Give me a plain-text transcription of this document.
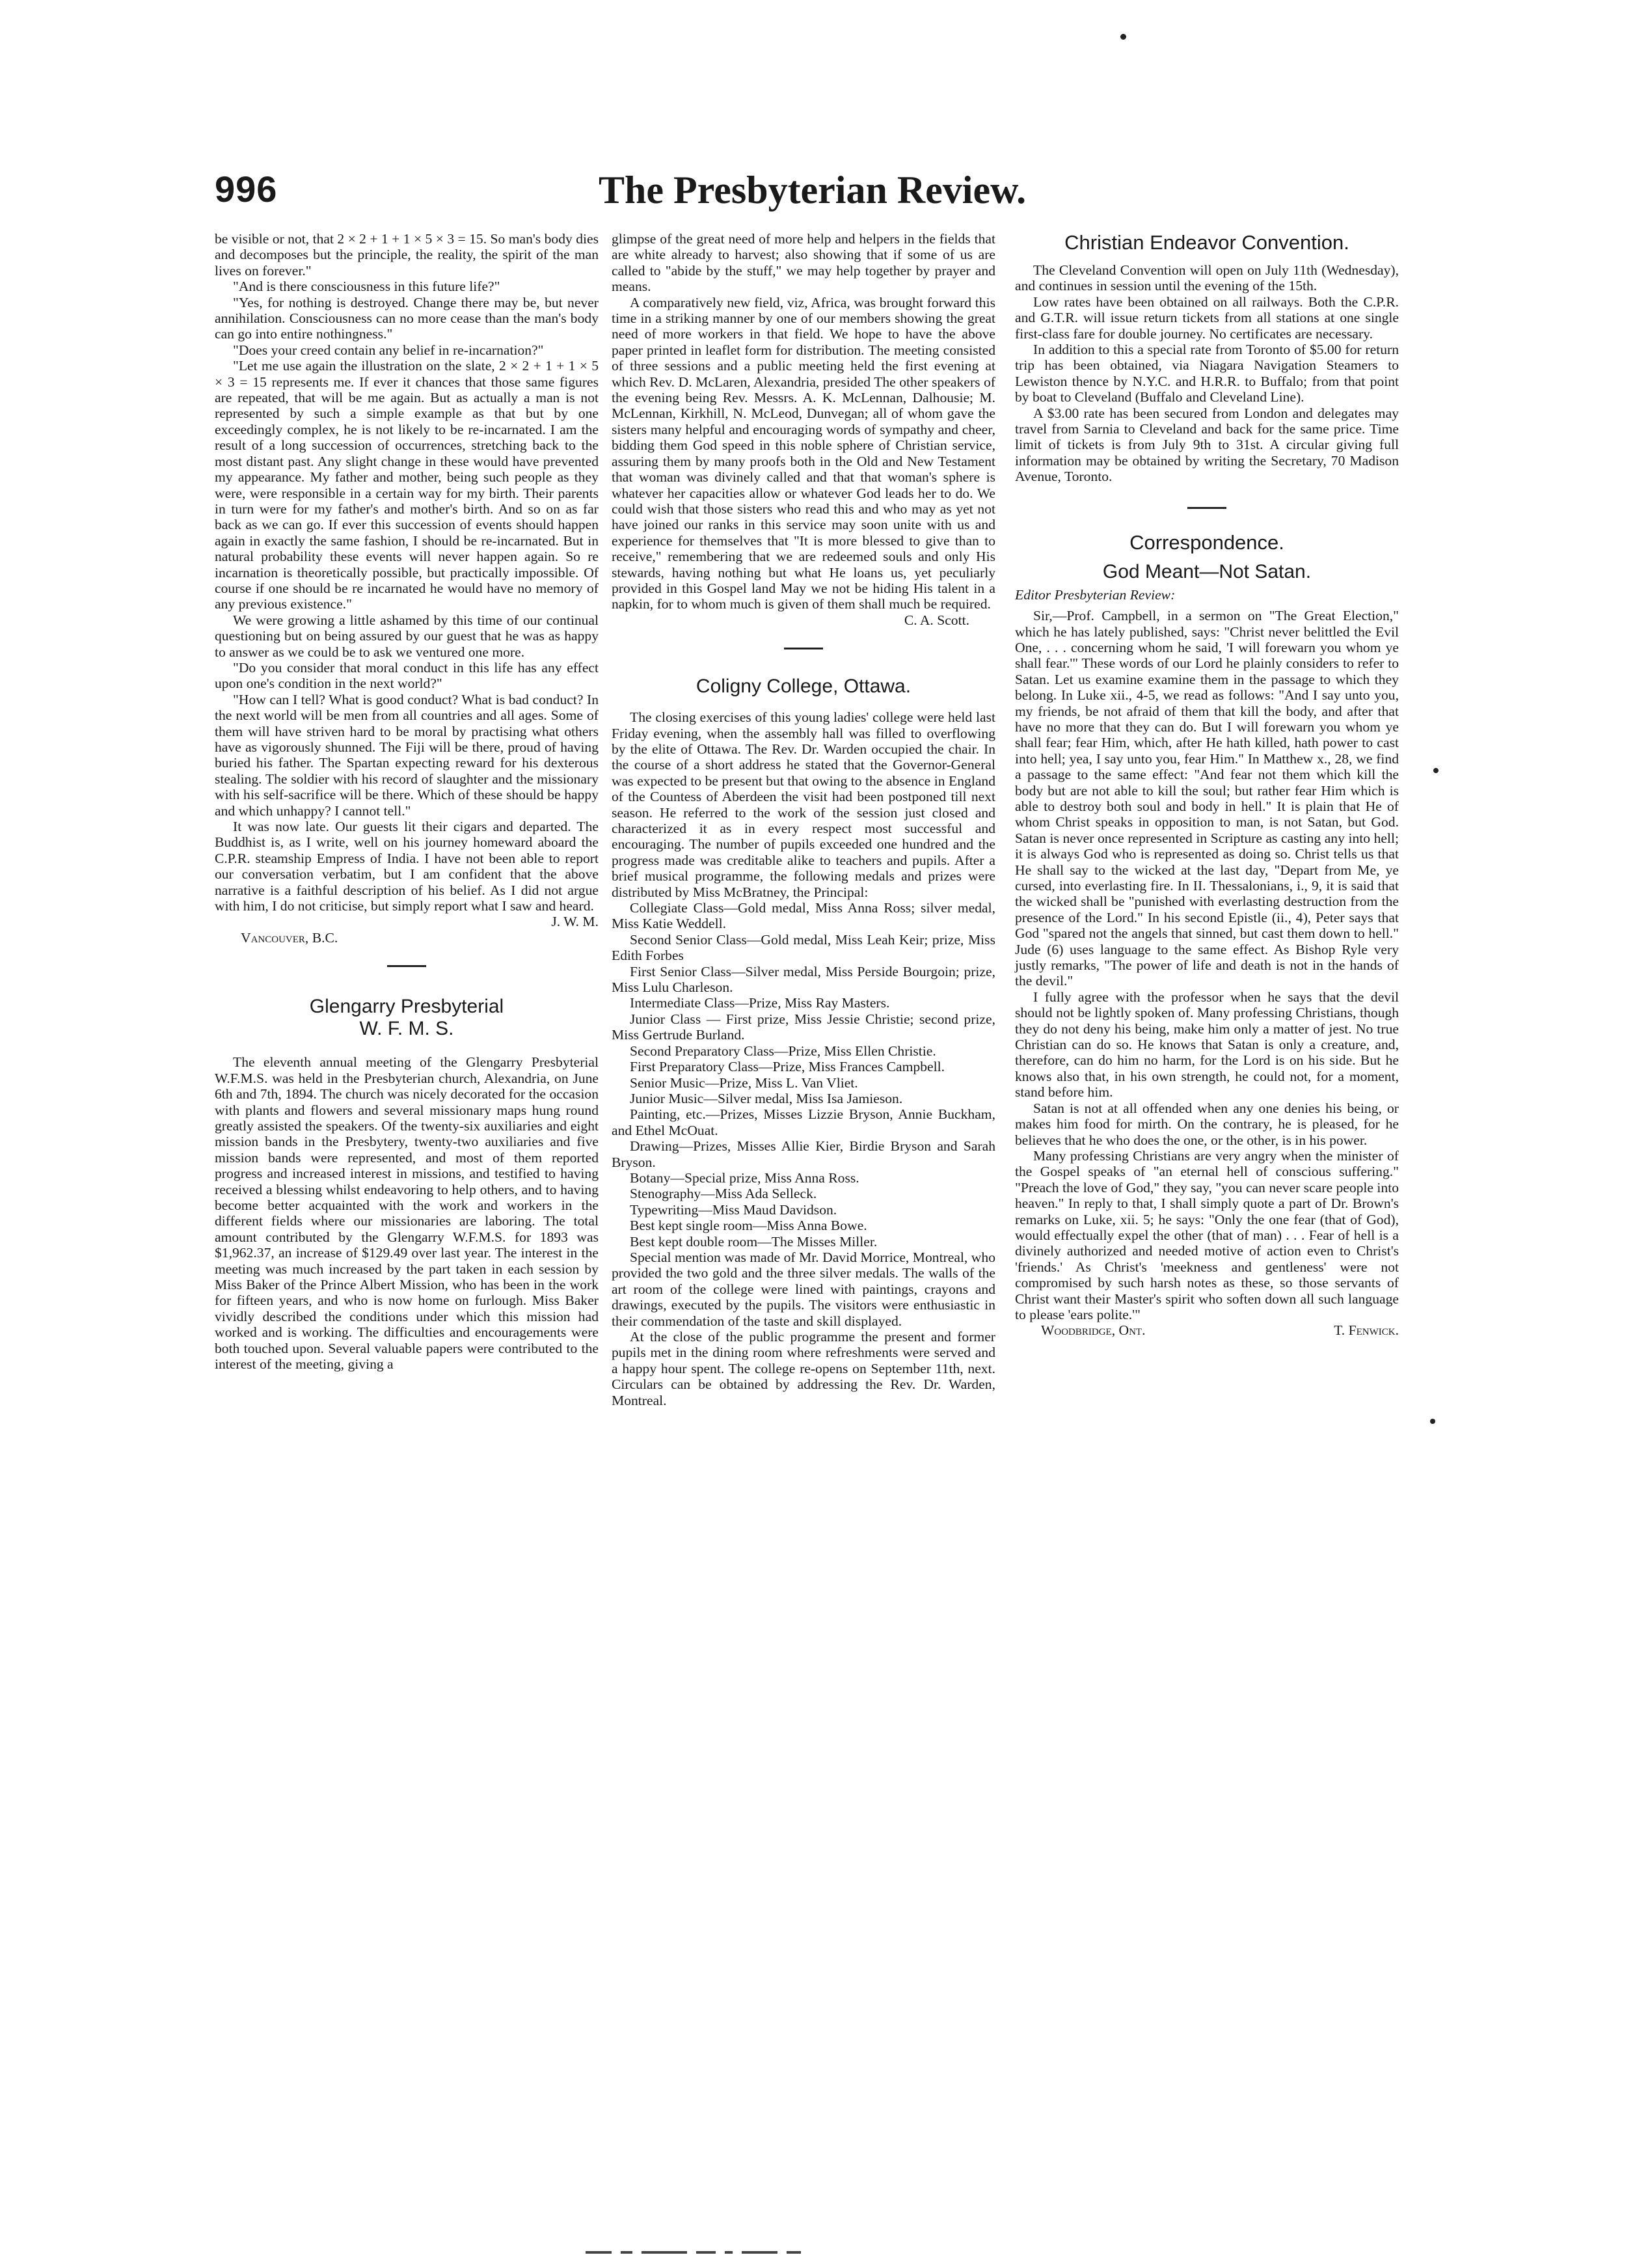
996	The Presbyterian Review.

be visible or not, that 2 × 2 + 1 + 1 × 5 × 3 = 15. So man's body dies and decomposes but the principle, the reality, the spirit of the man lives on forever."

"And is there consciousness in this future life?"

"Yes, for nothing is destroyed. Change there may be, but never annihilation. Consciousness can no more cease than the man's body can go into entire nothingness."

"Does your creed contain any belief in re-incarnation?"

"Let me use again the illustration on the slate, 2 × 2 + 1 + 1 × 5 × 3 = 15 represents me. If ever it chances that those same figures are repeated, that will be me again. But as actually a man is not represented by such a simple example as that but by one exceedingly complex, he is not likely to be re-incarnated. I am the result of a long succession of occurrences, stretching back to the most distant past. Any slight change in these would have prevented my appearance. My father and mother, being such people as they were, were responsible in a certain way for my birth. Their parents in turn were for my father's and mother's birth. And so on as far back as we can go. If ever this succession of events should happen again in exactly the same fashion, I should be re-incarnated. But in natural probability these events will never happen again. So re incarnation is theoretically possible, but practically impossible. Of course if one should be re incarnated he would have no memory of any previous existence."

We were growing a little ashamed by this time of our continual questioning but on being assured by our guest that he was as happy to answer as we could be to ask we ventured one more.

"Do you consider that moral conduct in this life has any effect upon one's condition in the next world?"

"How can I tell? What is good conduct? What is bad conduct? In the next world will be men from all countries and all ages. Some of them will have striven hard to be moral by practising what others have as vigorously shunned. The Fiji will be there, proud of having buried his father. The Spartan expecting reward for his dexterous stealing. The soldier with his record of slaughter and the missionary with his self-sacrifice will be there. Which of these should be happy and which unhappy? I cannot tell."

It was now late. Our guests lit their cigars and departed. The Buddhist is, as I write, well on his journey homeward aboard the C.P.R. steamship Empress of India. I have not been able to report our conversation verbatim, but I am confident that the above narrative is a faithful description of his belief. As I did not argue with him, I do not criticise, but simply report what I saw and heard.

J. W. M.
Vancouver, B.C.
Glengarry Presbyterial
W. F. M. S.

The eleventh annual meeting of the Glengarry Presbyterial W.F.M.S. was held in the Presbyterian church, Alexandria, on June 6th and 7th, 1894. The church was nicely decorated for the occasion with plants and flowers and several missionary maps hung round greatly assisted the speakers. Of the twenty-six auxiliaries and eight mission bands in the Presbytery, twenty-two auxiliaries and five mission bands were represented, and most of them reported progress and increased interest in missions, and testified to having received a blessing whilst endeavoring to help others, and to having become better acquainted with the work and workers in the different fields where our missionaries are laboring. The total amount contributed by the Glengarry W.F.M.S. for 1893 was $1,962.37, an increase of $129.49 over last year. The interest in the meeting was much increased by the part taken in each session by Miss Baker of the Prince Albert Mission, who has been in the work for fifteen years, and who is now home on furlough. Miss Baker vividly described the conditions under which this mission had worked and is working. The difficulties and encouragements were both touched upon. Several valuable papers were contributed to the interest of the meeting, giving a

glimpse of the great need of more help and helpers in the fields that are white already to harvest; also showing that if some of us are called to "abide by the stuff," we may help together by prayer and means.

A comparatively new field, viz, Africa, was brought forward this time in a striking manner by one of our members showing the great need of more workers in that field. We hope to have the above paper printed in leaflet form for distribution. The meeting consisted of three sessions and a public meeting held the first evening at which Rev. D. McLaren, Alexandria, presided The other speakers of the evening being Rev. Messrs. A. K. McLennan, Dalhousie; M. McLennan, Kirkhill, N. McLeod, Dunvegan; all of whom gave the sisters many helpful and encouraging words of sympathy and cheer, bidding them God speed in this noble sphere of Christian service, assuring them by many proofs both in the Old and New Testament that woman was divinely called and that that woman's sphere is whatever her capacities allow or whatever God leads her to do. We could wish that those sisters who read this and who may as yet not have joined our ranks in this service may soon unite with us and experience for themselves that "It is more blessed to give than to receive," remembering that we are redeemed souls and only His stewards, having nothing but what He loans us, yet peculiarly provided in this Gospel land May we not be hiding His talent in a napkin, for to whom much is given of them shall much be required.

C. A. Scott.
Coligny College, Ottawa.

The closing exercises of this young ladies' college were held last Friday evening, when the assembly hall was filled to overflowing by the elite of Ottawa. The Rev. Dr. Warden occupied the chair. In the course of a short address he stated that the Governor-General was expected to be present but that owing to the absence in England of the Countess of Aberdeen the visit had been postponed till next season. He referred to the work of the session just closed and characterized it as in every respect most successful and encouraging. The number of pupils exceeded one hundred and the progress made was creditable alike to teachers and pupils. After a brief musical programme, the following medals and prizes were distributed by Miss McBratney, the Principal:

Collegiate Class—Gold medal, Miss Anna Ross; silver medal, Miss Katie Weddell.

Second Senior Class—Gold medal, Miss Leah Keir; prize, Miss Edith Forbes

First Senior Class—Silver medal, Miss Perside Bourgoin; prize, Miss Lulu Charleson.

Intermediate Class—Prize, Miss Ray Masters.

Junior Class — First prize, Miss Jessie Christie; second prize, Miss Gertrude Burland.

Second Preparatory Class—Prize, Miss Ellen Christie.

First Preparatory Class—Prize, Miss Frances Campbell.

Senior Music—Prize, Miss L. Van Vliet.

Junior Music—Silver medal, Miss Isa Jamieson.

Painting, etc.—Prizes, Misses Lizzie Bryson, Annie Buckham, and Ethel McOuat.

Drawing—Prizes, Misses Allie Kier, Birdie Bryson and Sarah Bryson.

Botany—Special prize, Miss Anna Ross.

Stenography—Miss Ada Selleck.

Typewriting—Miss Maud Davidson.

Best kept single room—Miss Anna Bowe.

Best kept double room—The Misses Miller.

Special mention was made of Mr. David Morrice, Montreal, who provided the two gold and the three silver medals. The walls of the art room of the college were lined with paintings, crayons and drawings, executed by the pupils. The visitors were enthusiastic in their commendation of the taste and skill displayed.

At the close of the public programme the present and former pupils met in the dining room where refreshments were served and a happy hour spent. The college re-opens on September 11th, next. Circulars can be obtained by addressing the Rev. Dr. Warden, Montreal.

Christian Endeavor Convention.

The Cleveland Convention will open on July 11th (Wednesday), and continues in session until the evening of the 15th.

Low rates have been obtained on all railways. Both the C.P.R. and G.T.R. will issue return tickets from all stations at one single first-class fare for double journey. No certificates are necessary.

In addition to this a special rate from Toronto of $5.00 for return trip has been obtained, via Niagara Navigation Steamers to Lewiston thence by N.Y.C. and H.R.R. to Buffalo; from that point by boat to Cleveland (Buffalo and Cleveland Line).

A $3.00 rate has been secured from London and delegates may travel from Sarnia to Cleveland and back for the same price. Time limit of tickets is from July 9th to 31st. A circular giving full information may be obtained by writing the Secretary, 70 Madison Avenue, Toronto.

Correspondence.
God Meant—Not Satan.
Editor Presbyterian Review:

Sir,—Prof. Campbell, in a sermon on "The Great Election," which he has lately published, says: "Christ never belittled the Evil One, . . . concerning whom he said, 'I will forewarn you whom ye shall fear.'" These words of our Lord he plainly considers to refer to Satan. Let us examine examine them in the passage to which they belong. In Luke xii., 4-5, we read as follows: "And I say unto you, my friends, be not afraid of them that kill the body, and after that have no more that they can do. But I will forewarn you whom ye shall fear; fear Him, which, after He hath killed, hath power to cast into hell; yea, I say unto you, fear Him." In Matthew x., 28, we find a passage to the same effect: "And fear not them which kill the body but are not able to kill the soul; but rather fear Him which is able to destroy both soul and body in hell." It is plain that He of whom Christ speaks in opposition to man, is not Satan, but God. Satan is never once represented in Scripture as casting any into hell; it is always God who is represented as doing so. Christ tells us that He shall say to the wicked at the last day, "Depart from Me, ye cursed, into everlasting fire. In II. Thessalonians, i., 9, it is said that the wicked shall be "punished with everlasting destruction from the presence of the Lord." In his second Epistle (ii., 4), Peter says that God "spared not the angels that sinned, but cast them down to hell." Jude (6) uses language to the same effect. As Bishop Ryle very justly remarks, "The power of life and death is not in the hands of the devil."

I fully agree with the professor when he says that the devil should not be lightly spoken of. Many professing Christians, though they do not deny his being, make him only a matter of jest. No true Christian can do so. He knows that Satan is only a creature, and, therefore, can do him no harm, for the Lord is on his side. But he knows also that, in his own strength, he could not, for a moment, stand before him.

Satan is not at all offended when any one denies his being, or makes him food for mirth. On the contrary, he is pleased, for he believes that he who does the one, or the other, is in his power.

Many professing Christians are very angry when the minister of the Gospel speaks of "an eternal hell of conscious suffering." "Preach the love of God," they say, "you can never scare people into heaven." In reply to that, I shall simply quote a part of Dr. Brown's remarks on Luke, xii. 5; he says: "Only the one fear (that of God), would effectually expel the other (that of man) . . . Fear of hell is a divinely authorized and needed motive of action even to Christ's 'friends.' As Christ's 'meekness and gentleness' were not compromised by such harsh notes as these, so those servants of Christ want their Master's spirit who soften down all such language to please 'ears polite.'"

Woodbridge, Ont.	T. Fenwick.
